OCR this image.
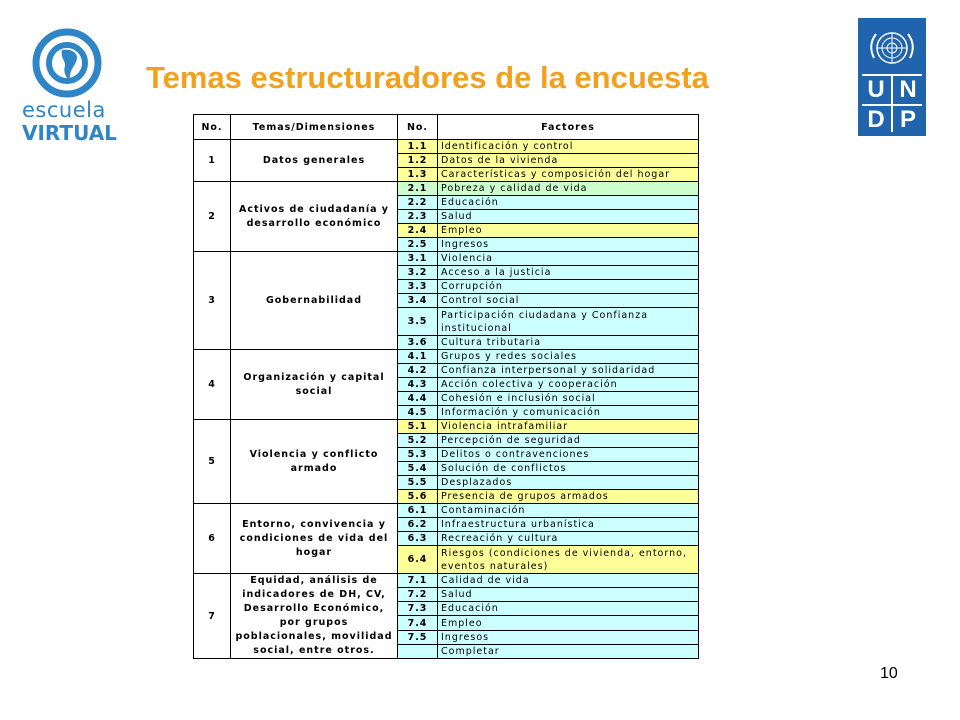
escuela
VIRTUAL
Temas estructuradores de la encuesta	U N
D P
No.	Temas/Dimensiones	No.	Factores
1	Datos generales	1.1	Identificación y control
		1.2	Datos de la vivienda
		1.3	Características y composición del hogar
2	Activos de ciudadanía y desarrollo económico	2.1	Pobreza y calidad de vida
		2.2	Educación
		2.3	Salud
		2.4	Empleo
		2.5	Ingresos
3	Gobernabilidad	3.1	Violencia
		3.2	Acceso a la justicia
		3.3	Corrupción
		3.4	Control social
		3.5	Participación ciudadana y Confianza institucional
		3.6	Cultura tributaria
4	Organización y capital social	4.1	Grupos y redes sociales
		4.2	Confianza interpersonal y solidaridad
		4.3	Acción colectiva y cooperación
		4.4	Cohesión e inclusión social
		4.5	Información y comunicación
5	Violencia y conflicto armado	5.1	Violencia intrafamiliar
		5.2	Percepción de seguridad
		5.3	Delitos o contravenciones
		5.4	Solución de conflictos
		5.5	Desplazados
		5.6	Presencia de grupos armados
6	Entorno, convivencia y condiciones de vida del hogar	6.1	Contaminación
		6.2	Infraestructura urbanística
		6.3	Recreación y cultura
		6.4	Riesgos (condiciones de vivienda, entorno, eventos naturales)
7	Equidad, análisis de indicadores de DH, CV, Desarrollo Económico, por grupos poblacionales, movilidad social, entre otros.	7.1	Calidad de vida
		7.2	Salud
		7.3	Educación
		7.4	Empleo
		7.5	Ingresos
			Completar
10
